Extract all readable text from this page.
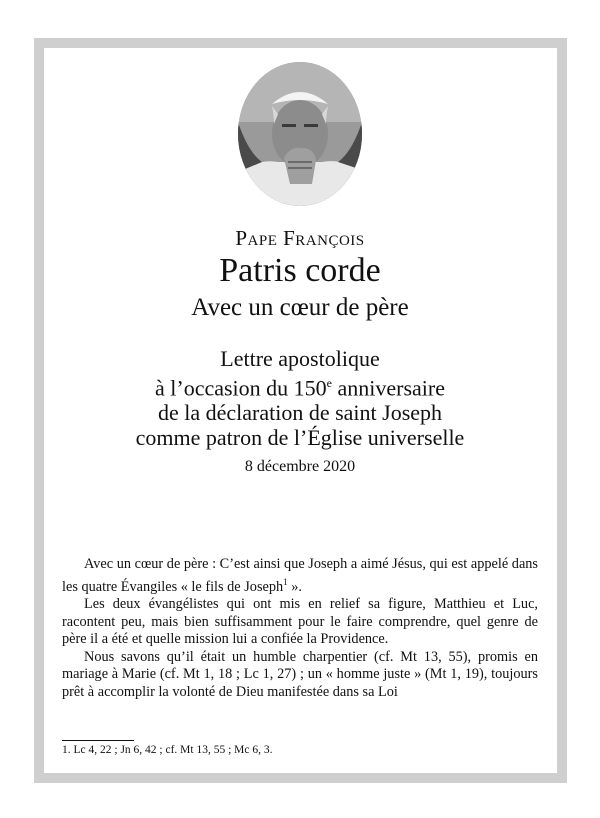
Pape François
Patris corde
Avec un cœur de père
Lettre apostolique
à l’occasion du 150e anniversaire
de la déclaration de saint Joseph
comme patron de l’Église universelle
8 décembre 2020

Avec un cœur de père : C’est ainsi que Joseph a aimé Jésus, qui est appelé dans les quatre Évangiles « le fils de Joseph$^1$ ».

Les deux évangélistes qui ont mis en relief sa figure, Matthieu et Luc, racontent peu, mais bien suffisamment pour le faire comprendre, quel genre de père il a été et quelle mission lui a confiée la Providence.

Nous savons qu’il était un humble charpentier (cf. Mt 13, 55), promis en mariage à Marie (cf. Mt 1, 18 ; Lc 1, 27) ; un « homme juste » (Mt 1, 19), toujours prêt à accomplir la volonté de Dieu manifestée dans sa Loi

1. Lc 4, 22 ; Jn 6, 42 ; cf. Mt 13, 55 ; Mc 6, 3.
